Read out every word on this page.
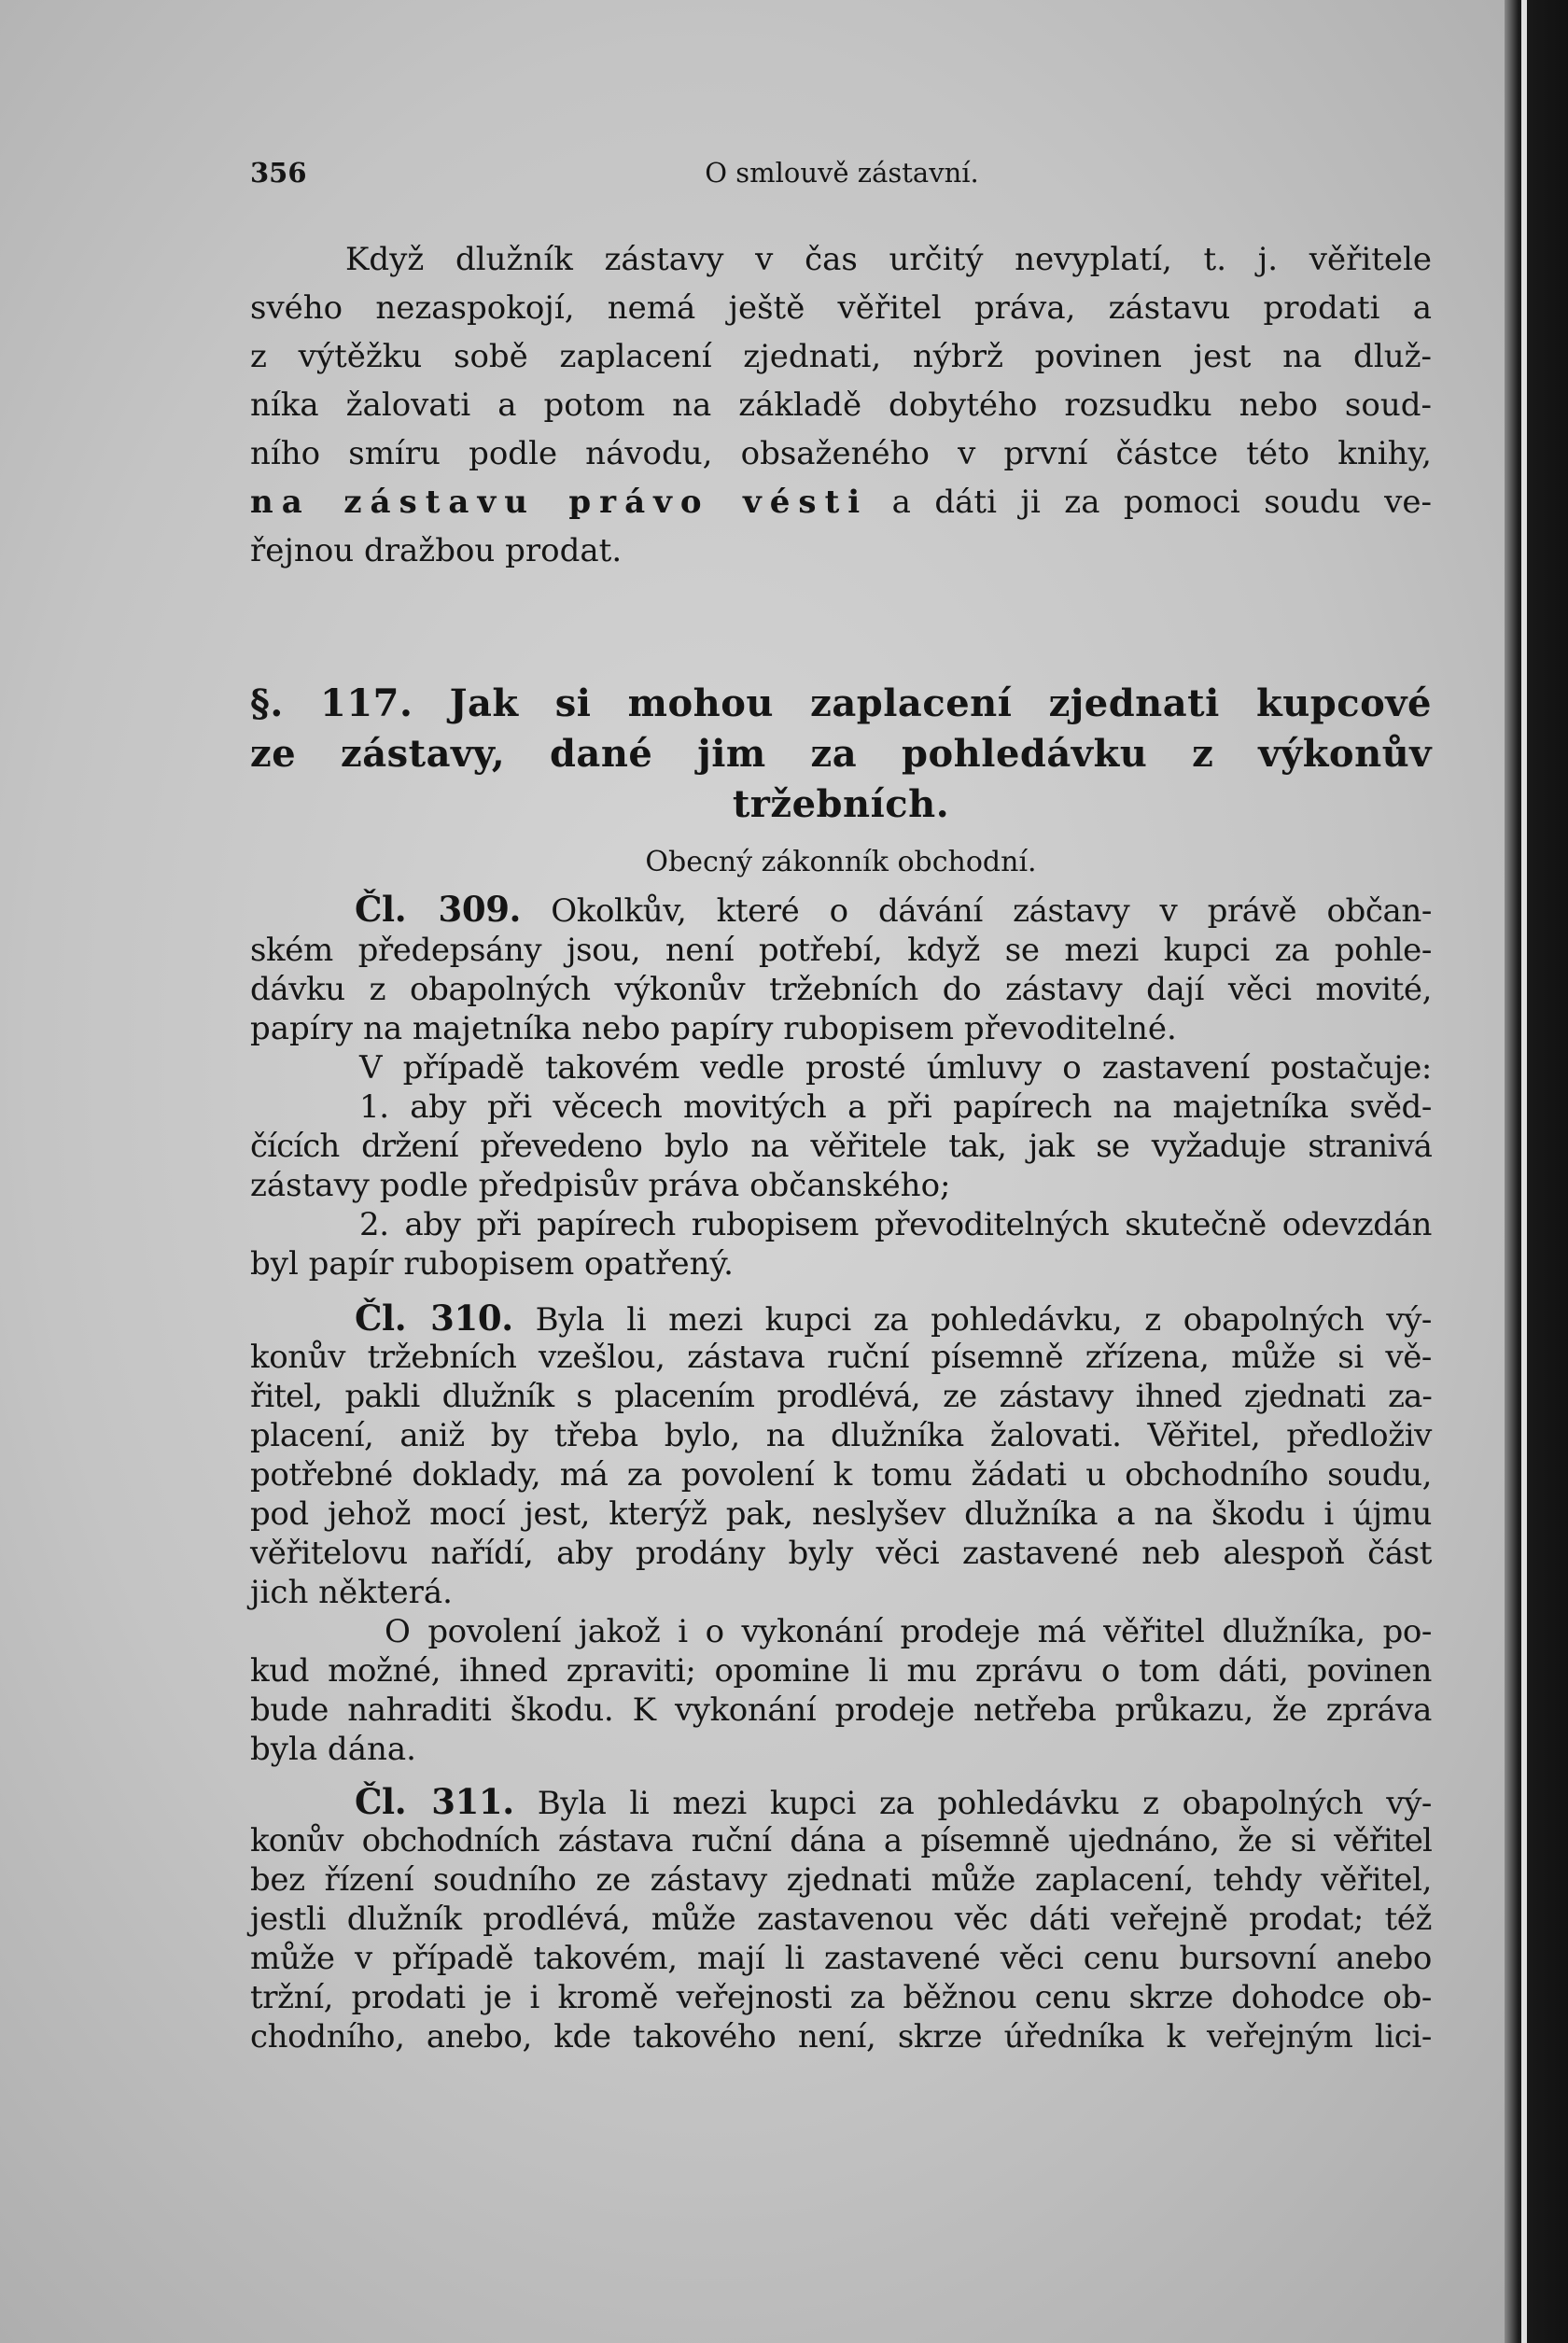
356	O smlouvě zástavní.
Když dlužník zástavy v čas určitý nevyplatí, t. j. věřitele
svého nezaspokojí, nemá ještě věřitel práva, zástavu prodati a
z výtěžku sobě zaplacení zjednati, nýbrž povinen jest na dluž-
níka žalovati a potom na základě dobytého rozsudku nebo soud-
ního smíru podle návodu, obsaženého v první částce této knihy,
na zástavu právo vésti a dáti ji za pomoci soudu ve-
řejnou dražbou prodat.
§. 117. Jak si mohou zaplacení zjednati kupcové
ze zástavy, dané jim za pohledávku z výkonův
tržebních.
Obecný zákonník obchodní.
Čl. 309. Okolkův, které o dávání zástavy v právě občan-
ském předepsány jsou, není potřebí, když se mezi kupci za pohle-
dávku z obapolných výkonův tržebních do zástavy dají věci movité,
papíry na majetníka nebo papíry rubopisem převoditelné.
V případě takovém vedle prosté úmluvy o zastavení postačuje:
1. aby při věcech movitých a při papírech na majetníka svěd-
čících držení převedeno bylo na věřitele tak, jak se vyžaduje stranivá
zástavy podle předpisův práva občanského;
2. aby při papírech rubopisem převoditelných skutečně odevzdán
byl papír rubopisem opatřený.
Čl. 310. Byla li mezi kupci za pohledávku, z obapolných vý-
konův tržebních vzešlou, zástava ruční písemně zřízena, může si vě-
řitel, pakli dlužník s placením prodlévá, ze zástavy ihned zjednati za-
placení, aniž by třeba bylo, na dlužníka žalovati. Věřitel, předloživ
potřebné doklady, má za povolení k tomu žádati u obchodního soudu,
pod jehož mocí jest, kterýž pak, neslyšev dlužníka a na škodu i újmu
věřitelovu nařídí, aby prodány byly věci zastavené neb alespoň část
jich některá.
O povolení jakož i o vykonání prodeje má věřitel dlužníka, po-
kud možné, ihned zpraviti; opomine li mu zprávu o tom dáti, povinen
bude nahraditi škodu. K vykonání prodeje netřeba průkazu, že zpráva
byla dána.
Čl. 311. Byla li mezi kupci za pohledávku z obapolných vý-
konův obchodních zástava ruční dána a písemně ujednáno, že si věřitel
bez řízení soudního ze zástavy zjednati může zaplacení, tehdy věřitel,
jestli dlužník prodlévá, může zastavenou věc dáti veřejně prodat; též
může v případě takovém, mají li zastavené věci cenu bursovní anebo
tržní, prodati je i kromě veřejnosti za běžnou cenu skrze dohodce ob-
chodního, anebo, kde takového není, skrze úředníka k veřejným lici-
